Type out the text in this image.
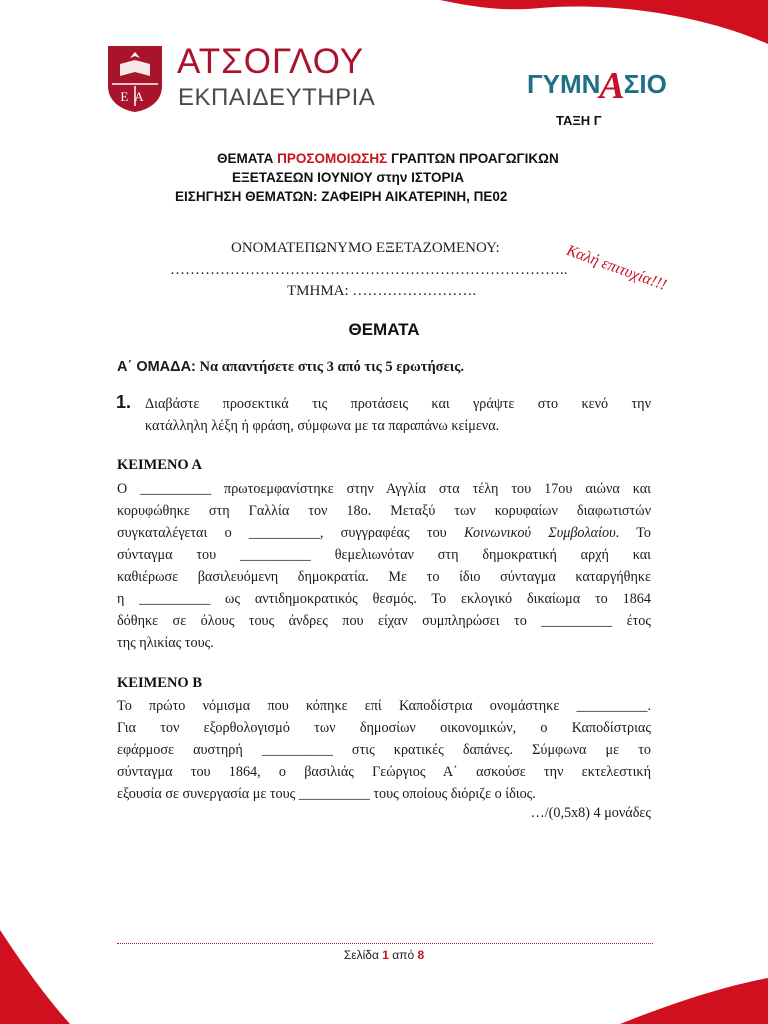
ΕΑ
ΑΤΣΟΓΛΟΥ
ΕΚΠΑΙΔΕΥΤΗΡΙΑ	ΓΥΜΝAΣΙΟ
ΤΑΞΗ Γ
ΘΕΜΑΤΑ ΠΡΟΣΟΜΟΙΩΣΗΣ ΓΡΑΠΤΩΝ ΠΡΟΑΓΩΓΙΚΩΝ
ΕΞΕΤΑΣΕΩΝ ΙΟΥΝΙΟΥ στην ΙΣΤΟΡΙΑ
ΕΙΣΗΓΗΣΗ ΘΕΜΑΤΩΝ: ΖΑΦΕΙΡΗ ΑΙΚΑΤΕΡΙΝΗ, ΠΕ02
ΟΝΟΜΑΤΕΠΩΝΥΜΟ ΕΞΕΤΑΖΟΜΕΝΟΥ:
……………………………………………………………………..
ΤΜΗΜΑ: …………………….	Καλή επιτυχία!!!
ΘΕΜΑΤΑ
Α΄ ΟΜΑΔΑ: Να απαντήσετε στις 3 από τις 5 ερωτήσεις.
1. Διαβάστε προσεκτικά τις προτάσεις και γράψτε στο κενό την
κατάλληλη λέξη ή φράση, σύμφωνα με τα παραπάνω κείμενα.
ΚΕΙΜΕΝΟ Α
Ο __________ πρωτοεμφανίστηκε στην Αγγλία στα τέλη του 17ου αιώνα και
κορυφώθηκε στη Γαλλία τον 18ο. Μεταξύ των κορυφαίων διαφωτιστών
συγκαταλέγεται ο __________, συγγραφέας του Κοινωνικού Συμβολαίου. Το
σύνταγμα του __________ θεμελιωνόταν στη δημοκρατική αρχή και
καθιέρωσε βασιλευόμενη δημοκρατία. Με το ίδιο σύνταγμα καταργήθηκε
η __________ ως αντιδημοκρατικός θεσμός. Το εκλογικό δικαίωμα το 1864
δόθηκε σε όλους τους άνδρες που είχαν συμπληρώσει το __________ έτος
της ηλικίας τους.
ΚΕΙΜΕΝΟ Β
Το πρώτο νόμισμα που κόπηκε επί Καποδίστρια ονομάστηκε __________.
Για τον εξορθολογισμό των δημοσίων οικονομικών, ο Καποδίστριας
εφάρμοσε αυστηρή __________ στις κρατικές δαπάνες. Σύμφωνα με το
σύνταγμα του 1864, ο βασιλιάς Γεώργιος Α΄ ασκούσε την εκτελεστική
εξουσία σε συνεργασία με τους __________ τους οποίους διόριζε ο ίδιος.
…/(0,5x8) 4 μονάδες
Σελίδα 1 από 8
